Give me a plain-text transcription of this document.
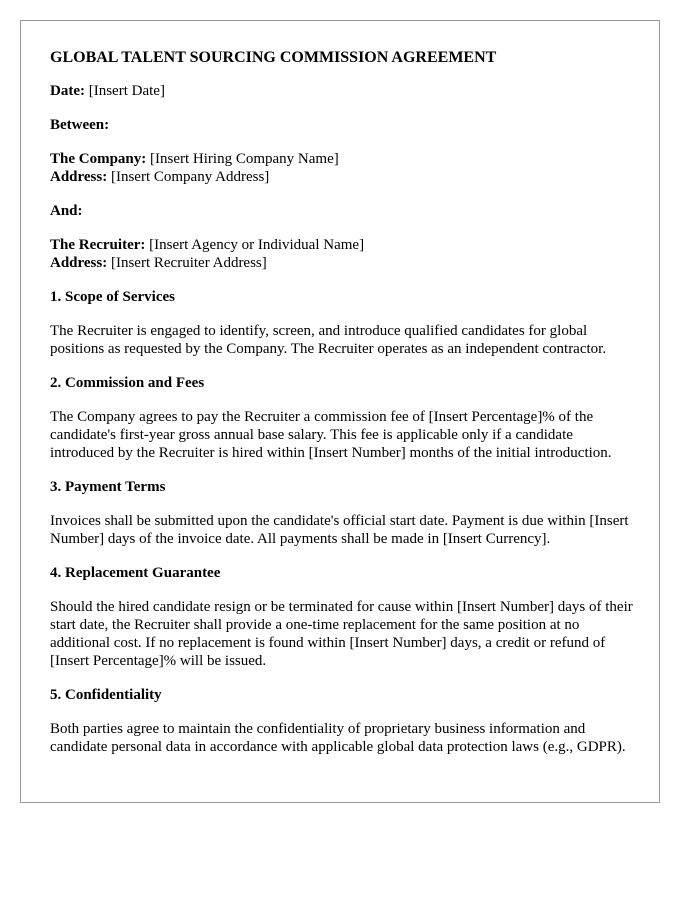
GLOBAL TALENT SOURCING COMMISSION AGREEMENT

Date: [Insert Date]

Between:

The Company: [Insert Hiring Company Name]
Address: [Insert Company Address]

And:

The Recruiter: [Insert Agency or Individual Name]
Address: [Insert Recruiter Address]

1. Scope of Services

The Recruiter is engaged to identify, screen, and introduce qualified candidates for global positions as requested by the Company. The Recruiter operates as an independent contractor.

2. Commission and Fees

The Company agrees to pay the Recruiter a commission fee of [Insert Percentage]% of the candidate's first-year gross annual base salary. This fee is applicable only if a candidate introduced by the Recruiter is hired within [Insert Number] months of the initial introduction.

3. Payment Terms

Invoices shall be submitted upon the candidate's official start date. Payment is due within [Insert Number] days of the invoice date. All payments shall be made in [Insert Currency].

4. Replacement Guarantee

Should the hired candidate resign or be terminated for cause within [Insert Number] days of their start date, the Recruiter shall provide a one-time replacement for the same position at no additional cost. If no replacement is found within [Insert Number] days, a credit or refund of [Insert Percentage]% will be issued.

5. Confidentiality

Both parties agree to maintain the confidentiality of proprietary business information and candidate personal data in accordance with applicable global data protection laws (e.g., GDPR).
